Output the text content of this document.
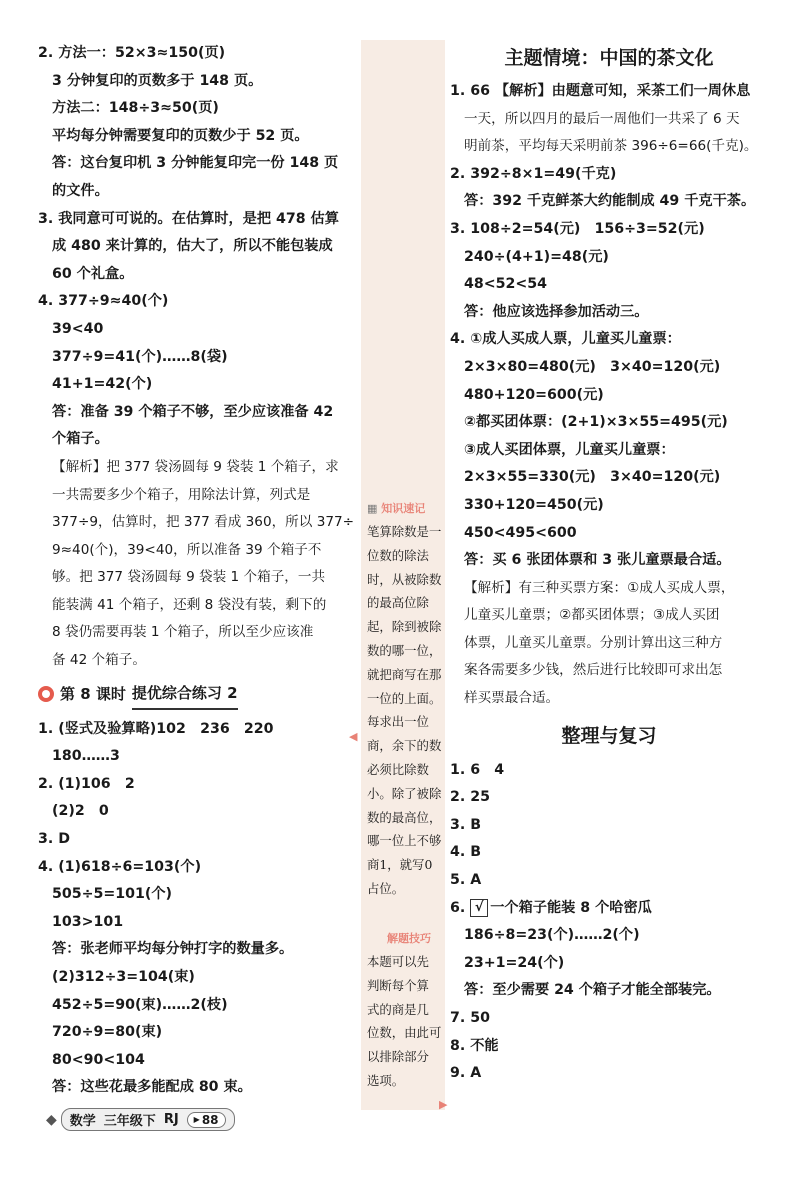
2. 方法一：52×3≈150(页)
3 分钟复印的页数多于 148 页。
方法二：148÷3≈50(页)
平均每分钟需要复印的页数少于 52 页。
答：这台复印机 3 分钟能复印完一份 148 页
的文件。
3. 我同意可可说的。在估算时，是把 478 估算
成 480 来计算的，估大了，所以不能包装成
60 个礼盒。
4. 377÷9≈40(个)
39<40
377÷9=41(个)……8(袋)
41+1=42(个)
答：准备 39 个箱子不够，至少应该准备 42
个箱子。
【解析】把 377 袋汤圆每 9 袋装 1 个箱子，求
一共需要多少个箱子，用除法计算，列式是
377÷9，估算时，把 377 看成 360，所以 377÷
9≈40(个)，39<40，所以准备 39 个箱子不
够。把 377 袋汤圆每 9 袋装 1 个箱子，一共
能装满 41 个箱子，还剩 8 袋没有装，剩下的
8 袋仍需要再装 1 个箱子，所以至少应该准
备 42 个箱子。
第 8 课时 提优综合练习 2
1. (竖式及验算略)102　236　220
180……3
2. (1)106　2
(2)2　0
3. D
4. (1)618÷6=103(个)
505÷5=101(个)
103>101
答：张老师平均每分钟打字的数量多。
(2)312÷3=104(束)
452÷5=90(束)……2(枝)
720÷9=80(束)
80<90<104
答：这些花最多能配成 80 束。
▦ 知识速记
笔算除数是一
位数的除法
时，从被除数
的最高位除
起，除到被除
数的哪一位，
就把商写在那
一位的上面。
每求出一位
商，余下的数
必须比除数
小。除了被除
数的最高位，
哪一位上不够
商1，就写0
占位。
◀
解题技巧
本题可以先
判断每个算
式的商是几
位数，由此可
以排除部分
选项。
▶
主题情境：中国的茶文化
1. 66 【解析】由题意可知，采茶工们一周休息
一天，所以四月的最后一周他们一共采了 6 天
明前茶，平均每天采明前茶 396÷6=66(千克)。
2. 392÷8×1=49(千克)
答：392 千克鲜茶大约能制成 49 千克干茶。
3. 108÷2=54(元)　156÷3=52(元)
240÷(4+1)=48(元)
48<52<54
答：他应该选择参加活动三。
4. ①成人买成人票，儿童买儿童票：
2×3×80=480(元)　3×40=120(元)
480+120=600(元)
②都买团体票：(2+1)×3×55=495(元)
③成人买团体票，儿童买儿童票：
2×3×55=330(元)　3×40=120(元)
330+120=450(元)
450<495<600
答：买 6 张团体票和 3 张儿童票最合适。
【解析】有三种买票方案：①成人买成人票，
儿童买儿童票；②都买团体票；③成人买团
体票，儿童买儿童票。分别计算出这三种方
案各需要多少钱，然后进行比较即可求出怎
样买票最合适。
整理与复习
1. 6　4
2. 25
3. B
4. B
5. A
6. √ 一个箱子能装 8 个哈密瓜
186÷8=23(个)……2(个)
23+1=24(个)
答：至少需要 24 个箱子才能全部装完。
7. 50
8. 不能
9. A
◆ 数学 三年级下 RJ ▶ 88
